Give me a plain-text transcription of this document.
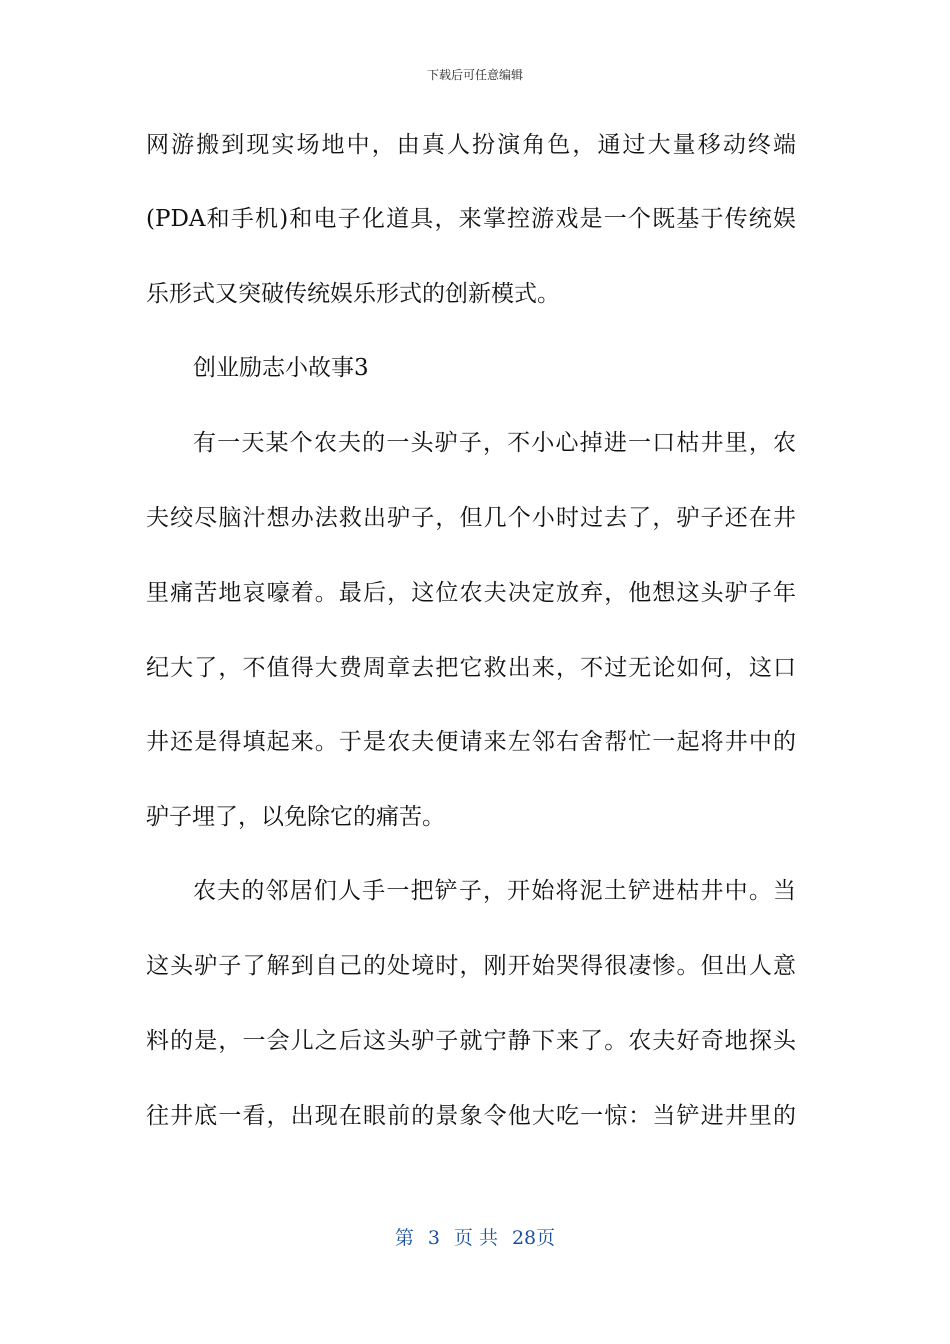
下载后可任意编辑
网游搬到现实场地中，由真人扮演角色，通过大量移动终端
(PDA和手机)和电子化道具，来掌控游戏是一个既基于传统娱
乐形式又突破传统娱乐形式的创新模式。
创业励志小故事3
有一天某个农夫的一头驴子，不小心掉进一口枯井里，农
夫绞尽脑汁想办法救出驴子，但几个小时过去了，驴子还在井
里痛苦地哀嚎着。最后，这位农夫决定放弃，他想这头驴子年
纪大了，不值得大费周章去把它救出来，不过无论如何，这口
井还是得填起来。于是农夫便请来左邻右舍帮忙一起将井中的
驴子埋了，以免除它的痛苦。
农夫的邻居们人手一把铲子，开始将泥土铲进枯井中。当
这头驴子了解到自己的处境时，刚开始哭得很凄惨。但出人意
料的是，一会儿之后这头驴子就宁静下来了。农夫好奇地探头
往井底一看，出现在眼前的景象令他大吃一惊：当铲进井里的
第 3 页 共 28页
